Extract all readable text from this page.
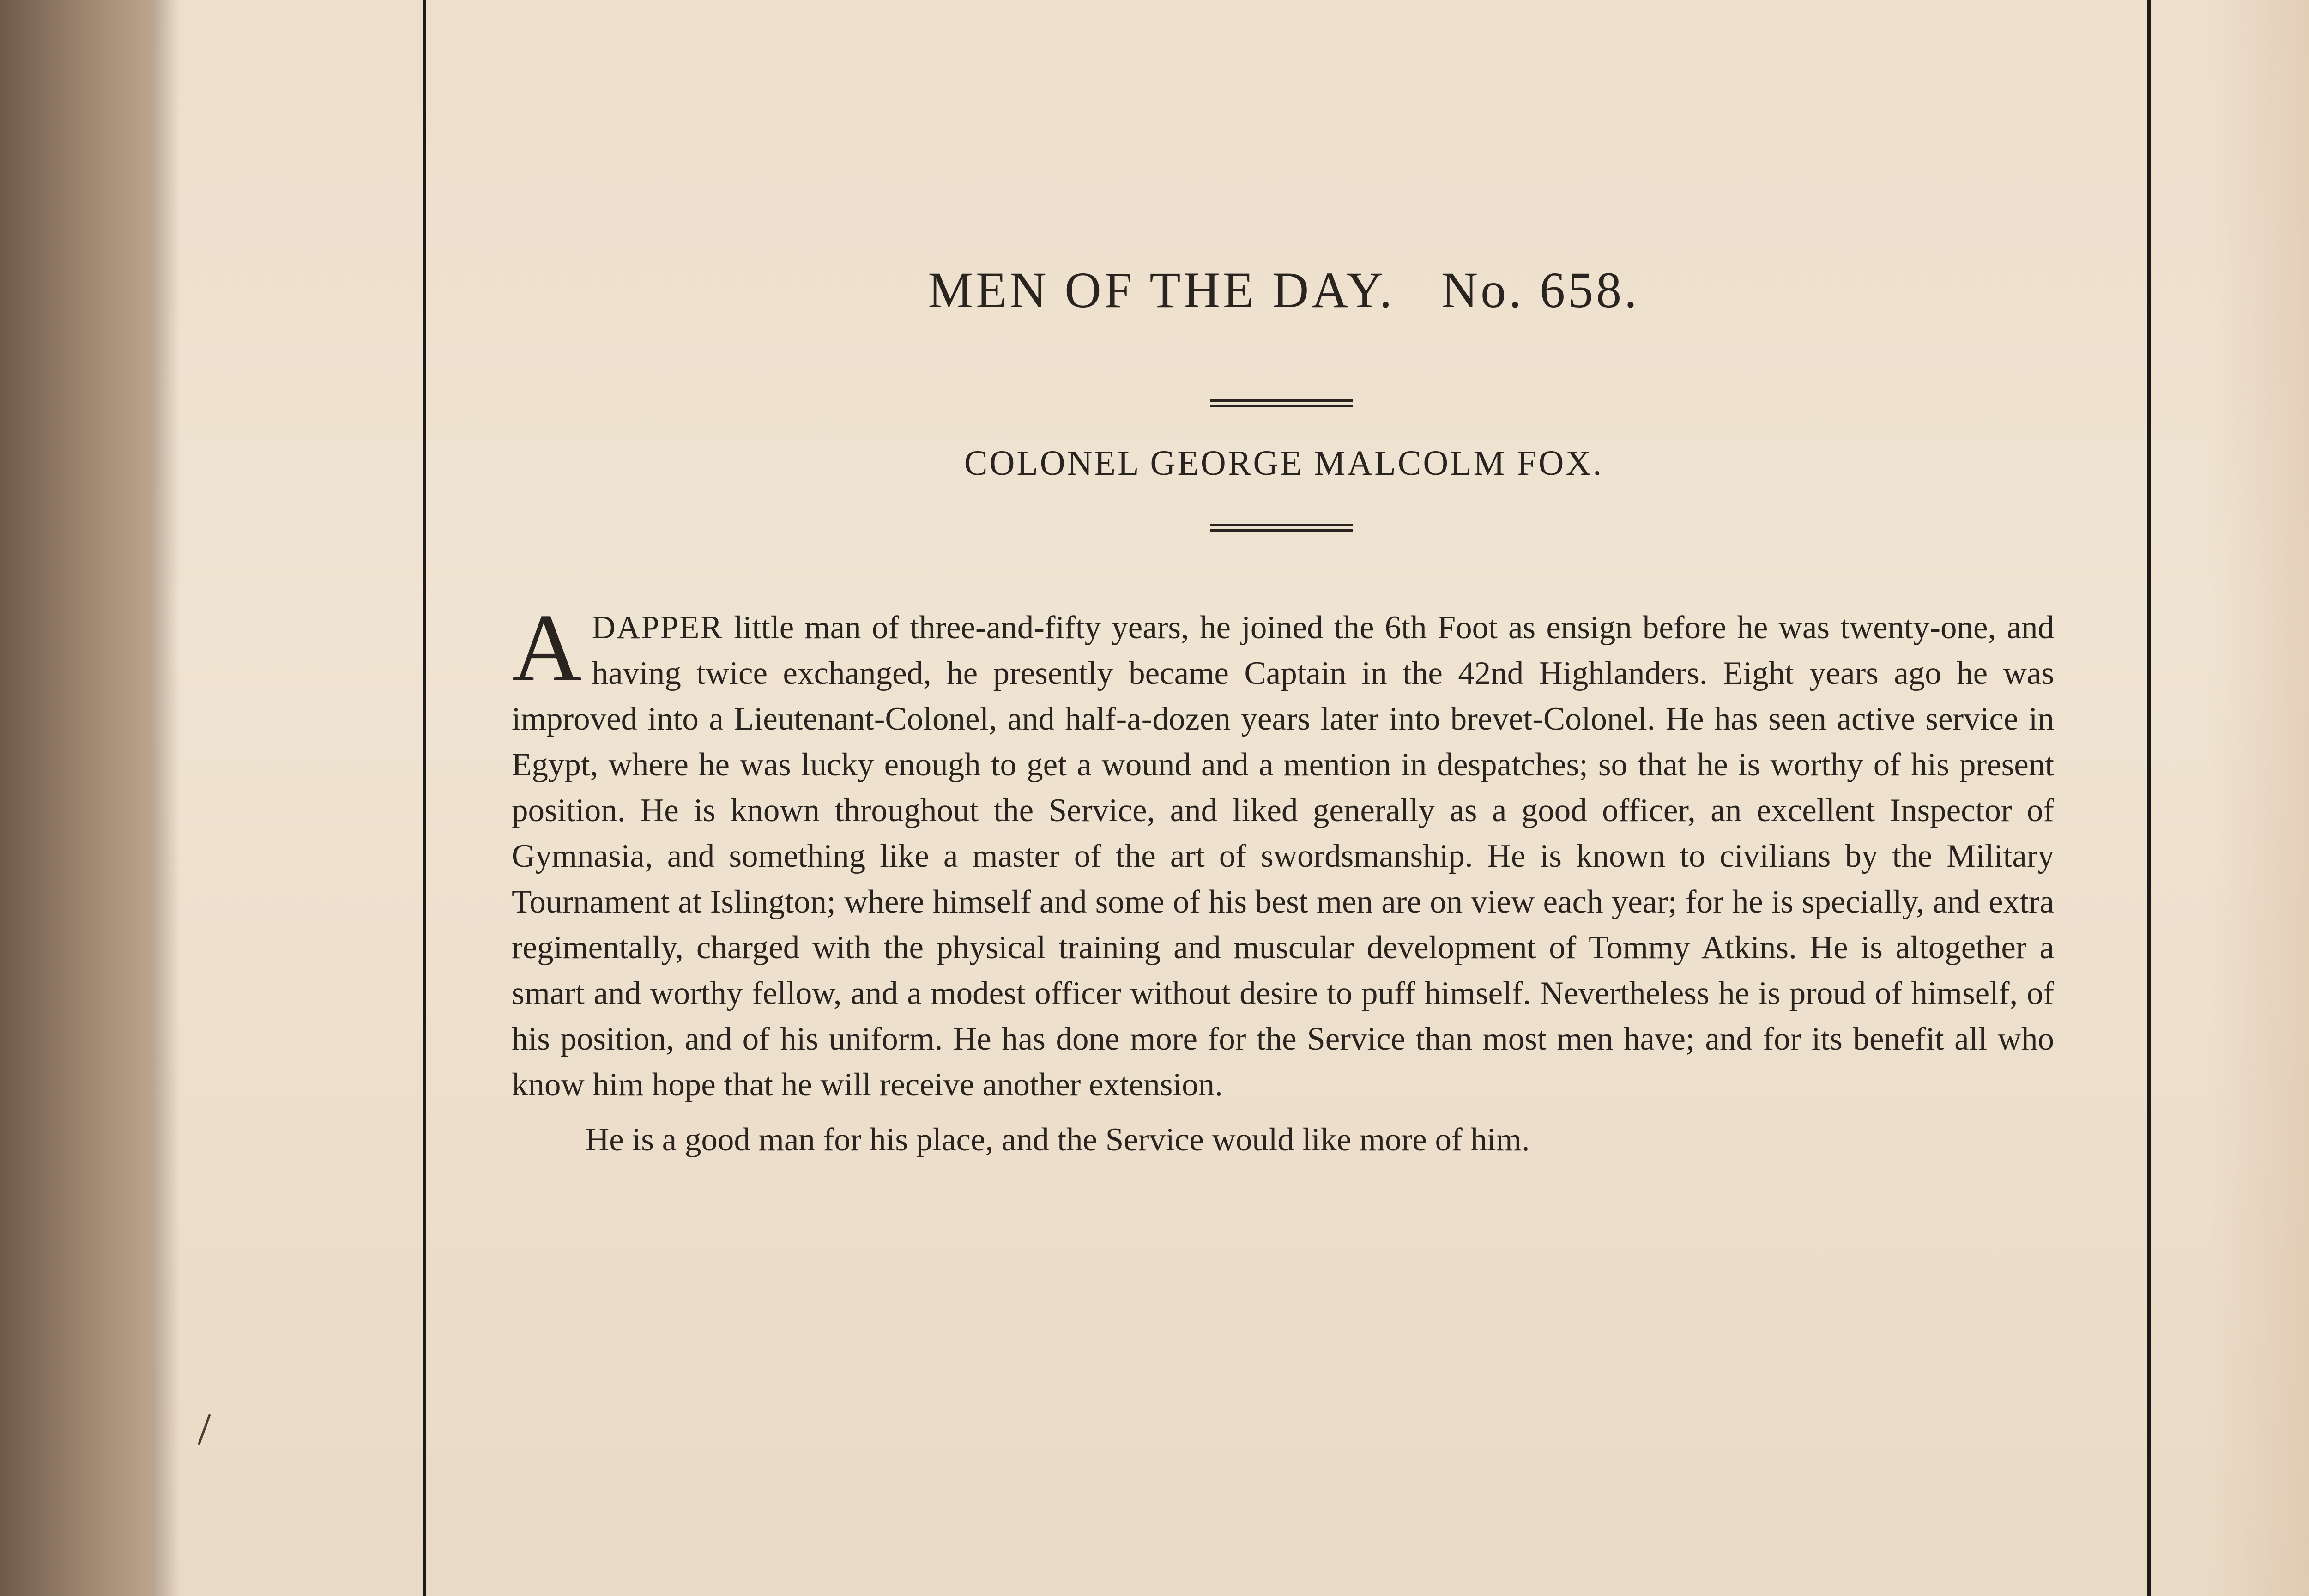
MEN OF THE DAY.   No. 658.
COLONEL GEORGE MALCOLM FOX.

ADAPPER little man of three-and-fifty years, he joined the 6th Foot as ensign before he was twenty-one, and having twice exchanged, he presently became Captain in the 42nd Highlanders. Eight years ago he was improved into a Lieutenant-Colonel, and half-a-dozen years later into brevet-Colonel. He has seen active service in Egypt, where he was lucky enough to get a wound and a mention in despatches; so that he is worthy of his present position. He is known throughout the Service, and liked generally as a good officer, an excellent Inspector of Gymnasia, and something like a master of the art of swordsmanship. He is known to civilians by the Military Tournament at Islington; where himself and some of his best men are on view each year; for he is specially, and extra regimentally, charged with the physical training and muscular development of Tommy Atkins. He is altogether a smart and worthy fellow, and a modest officer without desire to puff himself. Nevertheless he is proud of himself, of his position, and of his uniform. He has done more for the Service than most men have; and for its benefit all who know him hope that he will receive another extension.

He is a good man for his place, and the Service would like more of him.
